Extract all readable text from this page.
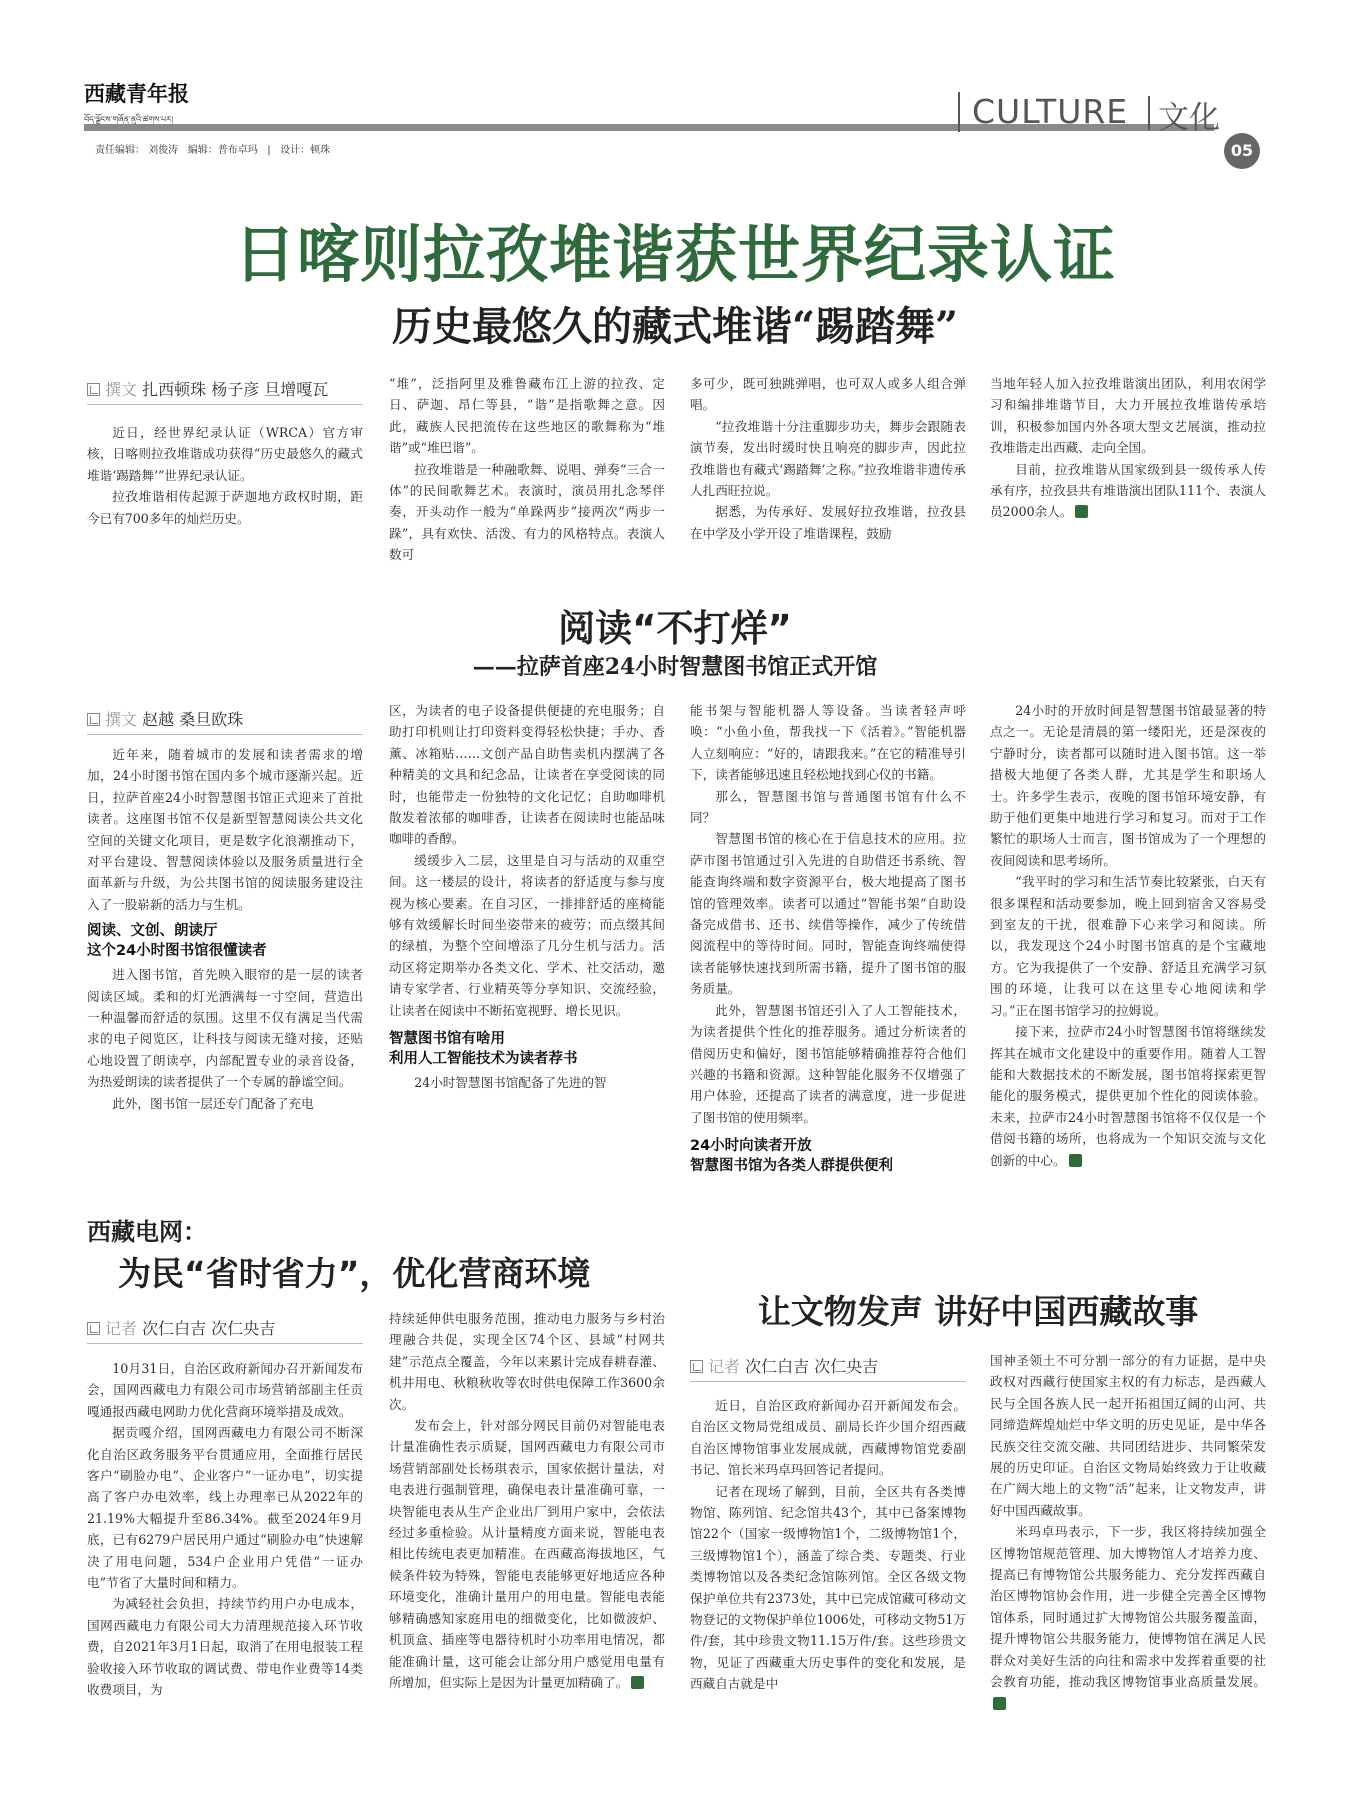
西藏青年报
བོད་ལྗོངས་གཞོན་ནུའི་ཚགས་པར།
责任编辑： 刘俊涛   编辑：普布卓玛   |   设计：顿珠
CULTURE 文化
05
日喀则拉孜堆谐获世界纪录认证
历史最悠久的藏式堆谐“踢踏舞”
撰文 扎西顿珠 杨子彦 旦增嘎瓦

近日，经世界纪录认证（WRCA）官方审核，日喀则拉孜堆谐成功获得“历史最悠久的藏式堆谐‘踢踏舞’”世界纪录认证。

拉孜堆谐相传起源于萨迦地方政权时期，距今已有700多年的灿烂历史。

“堆”，泛指阿里及雅鲁藏布江上游的拉孜、定日、萨迦、昂仁等县，“谐”是指歌舞之意。因此，藏族人民把流传在这些地区的歌舞称为“堆谐”或“堆巴谐”。

拉孜堆谐是一种融歌舞、说唱、弹奏“三合一体”的民间歌舞艺术。表演时，演员用扎念琴伴奏，开头动作一般为“单跺两步”接两次“两步一跺”，具有欢快、活泼、有力的风格特点。表演人数可

多可少，既可独跳弹唱，也可双人或多人组合弹唱。

“拉孜堆谐十分注重脚步功夫，舞步会跟随表演节奏，发出时缓时快且响亮的脚步声，因此拉孜堆谐也有藏式‘踢踏舞’之称。”拉孜堆谐非遗传承人扎西旺拉说。

据悉，为传承好、发展好拉孜堆谐，拉孜县在中学及小学开设了堆谐课程，鼓励

当地年轻人加入拉孜堆谐演出团队，利用农闲学习和编排堆谐节目，大力开展拉孜堆谐传承培训，积极参加国内外各项大型文艺展演，推动拉孜堆谐走出西藏、走向全国。

目前，拉孜堆谐从国家级到县一级传承人传承有序，拉孜县共有堆谐演出团队111个、表演人员2000余人。

阅读“不打烊”
——拉萨首座24小时智慧图书馆正式开馆
撰文 赵越 桑旦欧珠

近年来，随着城市的发展和读者需求的增加，24小时图书馆在国内多个城市逐渐兴起。近日，拉萨首座24小时智慧图书馆正式迎来了首批读者。这座图书馆不仅是新型智慧阅读公共文化空间的关键文化项目，更是数字化浪潮推动下，对平台建设、智慧阅读体验以及服务质量进行全面革新与升级，为公共图书馆的阅读服务建设注入了一股崭新的活力与生机。

阅读、文创、朗读厅
这个24小时图书馆很懂读者

进入图书馆，首先映入眼帘的是一层的读者阅读区域。柔和的灯光洒满每一寸空间，营造出一种温馨而舒适的氛围。这里不仅有满足当代需求的电子阅览区，让科技与阅读无缝对接，还贴心地设置了朗读亭，内部配置专业的录音设备，为热爱朗读的读者提供了一个专属的静谧空间。

此外，图书馆一层还专门配备了充电

区，为读者的电子设备提供便捷的充电服务；自助打印机则让打印资料变得轻松快捷；手办、香薰、冰箱贴……文创产品自助售卖机内摆满了各种精美的文具和纪念品，让读者在享受阅读的同时，也能带走一份独特的文化记忆；自助咖啡机散发着浓郁的咖啡香，让读者在阅读时也能品味咖啡的香醇。

缓缓步入二层，这里是自习与活动的双重空间。这一楼层的设计，将读者的舒适度与参与度视为核心要素。在自习区，一排排舒适的座椅能够有效缓解长时间坐姿带来的疲劳；而点缀其间的绿植，为整个空间增添了几分生机与活力。活动区将定期举办各类文化、学术、社交活动，邀请专家学者、行业精英等分享知识、交流经验，让读者在阅读中不断拓宽视野、增长见识。

智慧图书馆有啥用
利用人工智能技术为读者荐书

24小时智慧图书馆配备了先进的智

能书架与智能机器人等设备。当读者轻声呼唤：“小鱼小鱼，帮我找一下《活着》。”智能机器人立刻响应：“好的，请跟我来。”在它的精准导引下，读者能够迅速且轻松地找到心仪的书籍。

那么，智慧图书馆与普通图书馆有什么不同？

智慧图书馆的核心在于信息技术的应用。拉萨市图书馆通过引入先进的自助借还书系统、智能查询终端和数字资源平台，极大地提高了图书馆的管理效率。读者可以通过“智能书架”自助设备完成借书、还书、续借等操作，减少了传统借阅流程中的等待时间。同时，智能查询终端使得读者能够快速找到所需书籍，提升了图书馆的服务质量。

此外，智慧图书馆还引入了人工智能技术，为读者提供个性化的推荐服务。通过分析读者的借阅历史和偏好，图书馆能够精确推荐符合他们兴趣的书籍和资源。这种智能化服务不仅增强了用户体验，还提高了读者的满意度，进一步促进了图书馆的使用频率。

24小时向读者开放
智慧图书馆为各类人群提供便利

24小时的开放时间是智慧图书馆最显著的特点之一。无论是清晨的第一缕阳光，还是深夜的宁静时分，读者都可以随时进入图书馆。这一举措极大地便了各类人群，尤其是学生和职场人士。许多学生表示，夜晚的图书馆环境安静，有助于他们更集中地进行学习和复习。而对于工作繁忙的职场人士而言，图书馆成为了一个理想的夜间阅读和思考场所。

“我平时的学习和生活节奏比较紧张，白天有很多课程和活动要参加，晚上回到宿舍又容易受到室友的干扰，很难静下心来学习和阅读。所以，我发现这个24小时图书馆真的是个宝藏地方。它为我提供了一个安静、舒适且充满学习氛围的环境，让我可以在这里专心地阅读和学习。”正在图书馆学习的拉姆说。

接下来，拉萨市24小时智慧图书馆将继续发挥其在城市文化建设中的重要作用。随着人工智能和大数据技术的不断发展，图书馆将探索更智能化的服务模式，提供更加个性化的阅读体验。未来，拉萨市24小时智慧图书馆将不仅仅是一个借阅书籍的场所，也将成为一个知识交流与文化创新的中心。

西藏电网：
为民“省时省力”，优化营商环境
记者 次仁白吉 次仁央吉

10月31日，自治区政府新闻办召开新闻发布会，国网西藏电力有限公司市场营销部副主任贡嘎通报西藏电网助力优化营商环境举措及成效。

据贡嘎介绍，国网西藏电力有限公司不断深化自治区政务服务平台贯通应用，全面推行居民客户“刷脸办电”、企业客户“一证办电”，切实提高了客户办电效率，线上办理率已从2022年的21.19%大幅提升至86.34%。截至2024年9月底，已有6279户居民用户通过“刷脸办电”快速解决了用电问题，534户企业用户凭借“一证办电”节省了大量时间和精力。

为减轻社会负担，持续节约用户办电成本，国网西藏电力有限公司大力清理规范接入环节收费，自2021年3月1日起，取消了在用电报装工程验收接入环节收取的调试费、带电作业费等14类收费项目，为

持续延伸供电服务范围，推动电力服务与乡村治理融合共促，实现全区74个区、县域“村网共建”示范点全覆盖，今年以来累计完成春耕春灌、机井用电、秋粮秋收等农时供电保障工作3600余次。

发布会上，针对部分网民目前仍对智能电表计量准确性表示质疑，国网西藏电力有限公司市场营销部副处长杨琪表示，国家依据计量法，对电表进行强制管理，确保电表计量准确可靠，一块智能电表从生产企业出厂到用户家中，会依法经过多重检验。从计量精度方面来说，智能电表相比传统电表更加精准。在西藏高海拔地区，气候条件较为特殊，智能电表能够更好地适应各种环境变化，准确计量用户的用电量。智能电表能够精确感知家庭用电的细微变化，比如微波炉、机顶盒、插座等电器待机时小功率用电情况，都能准确计量，这可能会让部分用户感觉用电量有所增加，但实际上是因为计量更加精确了。

让文物发声 讲好中国西藏故事
记者 次仁白吉 次仁央吉

近日，自治区政府新闻办召开新闻发布会。自治区文物局党组成员、副局长许少国介绍西藏自治区博物馆事业发展成就，西藏博物馆党委副书记、馆长米玛卓玛回答记者提问。

记者在现场了解到，目前，全区共有各类博物馆、陈列馆、纪念馆共43个，其中已备案博物馆22个（国家一级博物馆1个，二级博物馆1个，三级博物馆1个），涵盖了综合类、专题类、行业类博物馆以及各类纪念馆陈列馆。全区各级文物保护单位共有2373处，其中已完成馆藏可移动文物登记的文物保护单位1006处，可移动文物51万件/套，其中珍贵文物11.15万件/套。这些珍贵文物，见证了西藏重大历史事件的变化和发展，是西藏自古就是中

国神圣领土不可分割一部分的有力证据，是中央政权对西藏行使国家主权的有力标志，是西藏人民与全国各族人民一起开拓祖国辽阔的山河、共同缔造辉煌灿烂中华文明的历史见证，是中华各民族交往交流交融、共同团结进步、共同繁荣发展的历史印证。自治区文物局始终致力于让收藏在广阔大地上的文物“活”起来，让文物发声，讲好中国西藏故事。

米玛卓玛表示，下一步，我区将持续加强全区博物馆规范管理、加大博物馆人才培养力度、提高已有博物馆公共服务能力、充分发挥西藏自治区博物馆协会作用，进一步健全完善全区博物馆体系，同时通过扩大博物馆公共服务覆盖面，提升博物馆公共服务能力，使博物馆在满足人民群众对美好生活的向往和需求中发挥着重要的社会教育功能，推动我区博物馆事业高质量发展。
